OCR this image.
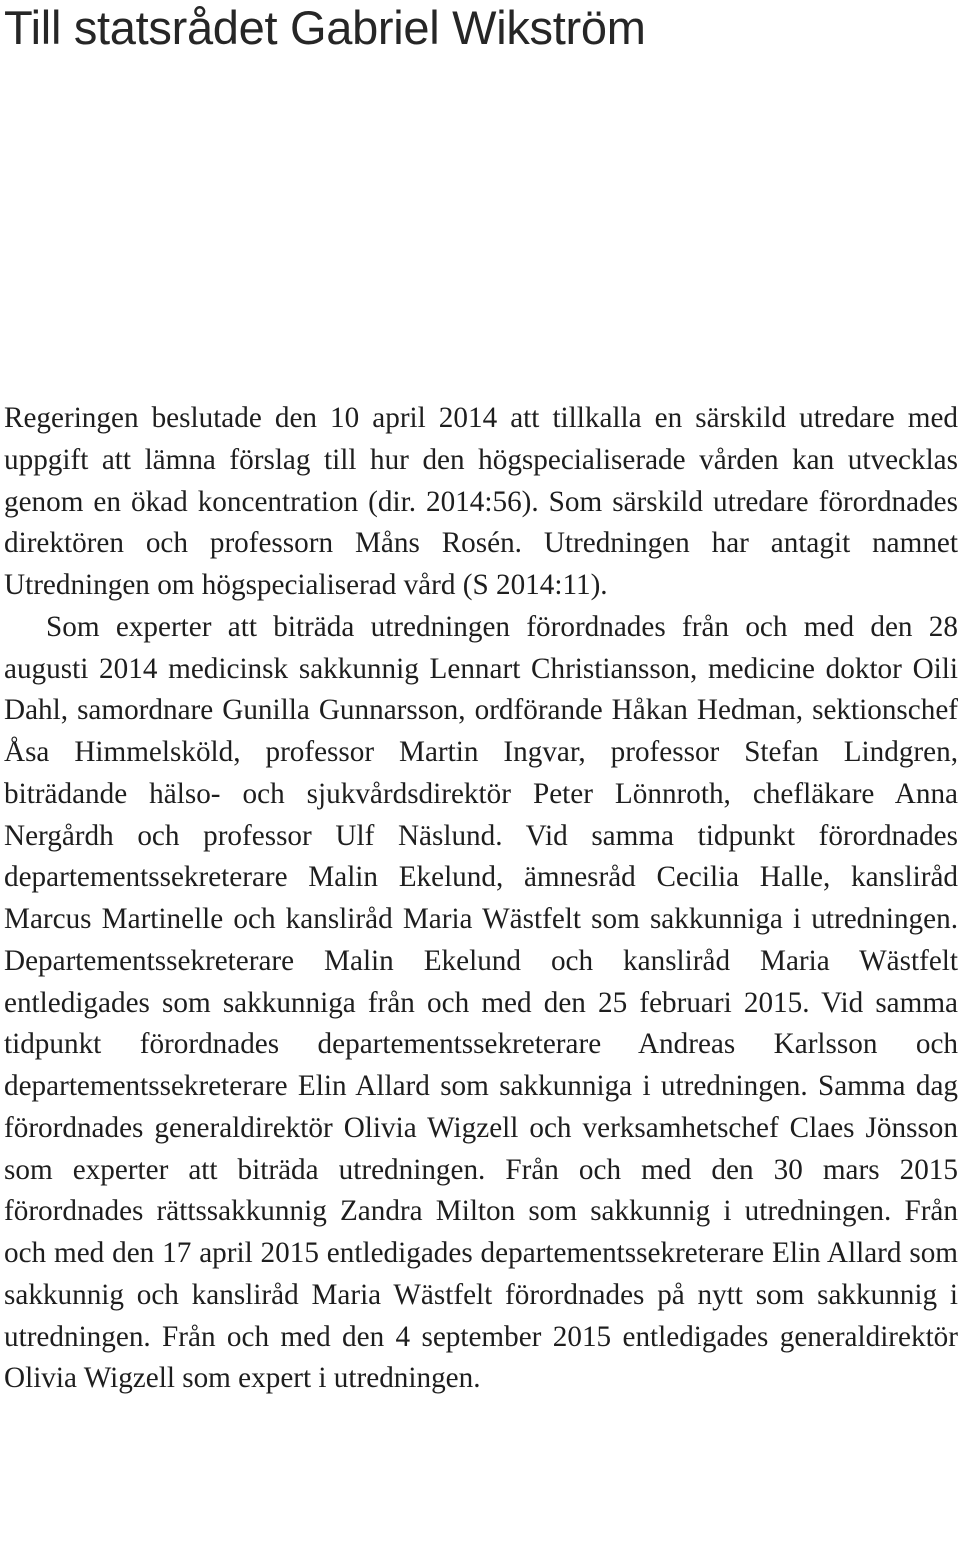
Till statsrådet Gabriel Wikström

Regeringen beslutade den 10 april 2014 att tillkalla en särskild utredare med uppgift att lämna förslag till hur den högspecialiserade vården kan utvecklas genom en ökad koncentration (dir. 2014:56). Som särskild utredare förordnades direktören och professorn Måns Rosén. Utredningen har antagit namnet Utredningen om högspecialiserad vård (S 2014:11).

Som experter att biträda utredningen förordnades från och med den 28 augusti 2014 medicinsk sakkunnig Lennart Christiansson, medicine doktor Oili Dahl, samordnare Gunilla Gunnarsson, ordförande Håkan Hedman, sektionschef Åsa Himmelsköld, professor Martin Ingvar, professor Stefan Lindgren, biträdande hälso- och sjukvårdsdirektör Peter Lönnroth, chefläkare Anna Nergårdh och professor Ulf Näslund. Vid samma tidpunkt förordnades departementssekreterare Malin Ekelund, ämnesråd Cecilia Halle, kansliråd Marcus Martinelle och kansliråd Maria Wästfelt som sakkunniga i utredningen. Departementssekreterare Malin Ekelund och kansliråd Maria Wästfelt entledigades som sakkunniga från och med den 25 februari 2015. Vid samma tidpunkt förordnades departementssekreterare Andreas Karlsson och departementssekreterare Elin Allard som sakkunniga i utredningen. Samma dag förordnades generaldirektör Olivia Wigzell och verksamhetschef Claes Jönsson som experter att biträda utredningen. Från och med den 30 mars 2015 förordnades rättssakkunnig Zandra Milton som sakkunnig i utredningen. Från och med den 17 april 2015 entledigades departementssekreterare Elin Allard som sakkunnig och kansliråd Maria Wästfelt förordnades på nytt som sakkunnig i utredningen. Från och med den 4 september 2015 entledigades generaldirektör Olivia Wigzell som expert i utredningen.
